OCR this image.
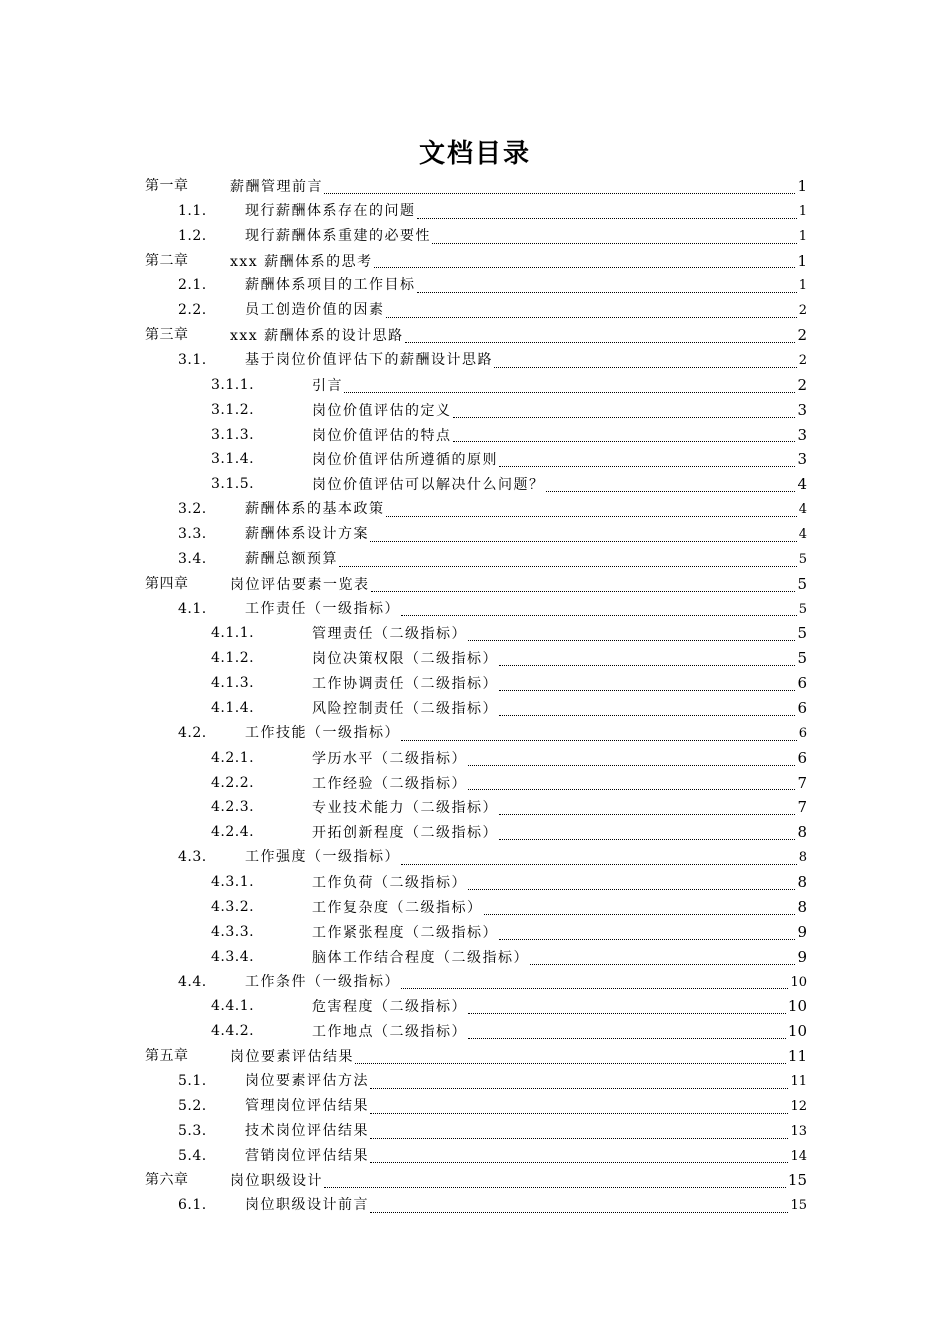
文档目录
第一章	薪酬管理前言	1
1.1.	现行薪酬体系存在的问题	1
1.2.	现行薪酬体系重建的必要性	1
第二章	xxx 薪酬体系的思考	1
2.1.	薪酬体系项目的工作目标	1
2.2.	员工创造价值的因素	2
第三章	xxx 薪酬体系的设计思路	2
3.1.	基于岗位价值评估下的薪酬设计思路	2
3.1.1.	引言	2
3.1.2.	岗位价值评估的定义	3
3.1.3.	岗位价值评估的特点	3
3.1.4.	岗位价值评估所遵循的原则	3
3.1.5.	岗位价值评估可以解决什么问题？	4
3.2.	薪酬体系的基本政策	4
3.3.	薪酬体系设计方案	4
3.4.	薪酬总额预算	5
第四章	岗位评估要素一览表	5
4.1.	工作责任（一级指标）	5
4.1.1.	管理责任（二级指标）	5
4.1.2.	岗位决策权限（二级指标）	5
4.1.3.	工作协调责任（二级指标）	6
4.1.4.	风险控制责任（二级指标）	6
4.2.	工作技能（一级指标）	6
4.2.1.	学历水平（二级指标）	6
4.2.2.	工作经验（二级指标）	7
4.2.3.	专业技术能力（二级指标）	7
4.2.4.	开拓创新程度（二级指标）	8
4.3.	工作强度（一级指标）	8
4.3.1.	工作负荷（二级指标）	8
4.3.2.	工作复杂度（二级指标）	8
4.3.3.	工作紧张程度（二级指标）	9
4.3.4.	脑体工作结合程度（二级指标）	9
4.4.	工作条件（一级指标）	10
4.4.1.	危害程度（二级指标）	10
4.4.2.	工作地点（二级指标）	10
第五章	岗位要素评估结果	11
5.1.	岗位要素评估方法	11
5.2.	管理岗位评估结果	12
5.3.	技术岗位评估结果	13
5.4.	营销岗位评估结果	14
第六章	岗位职级设计	15
6.1.	岗位职级设计前言	15
